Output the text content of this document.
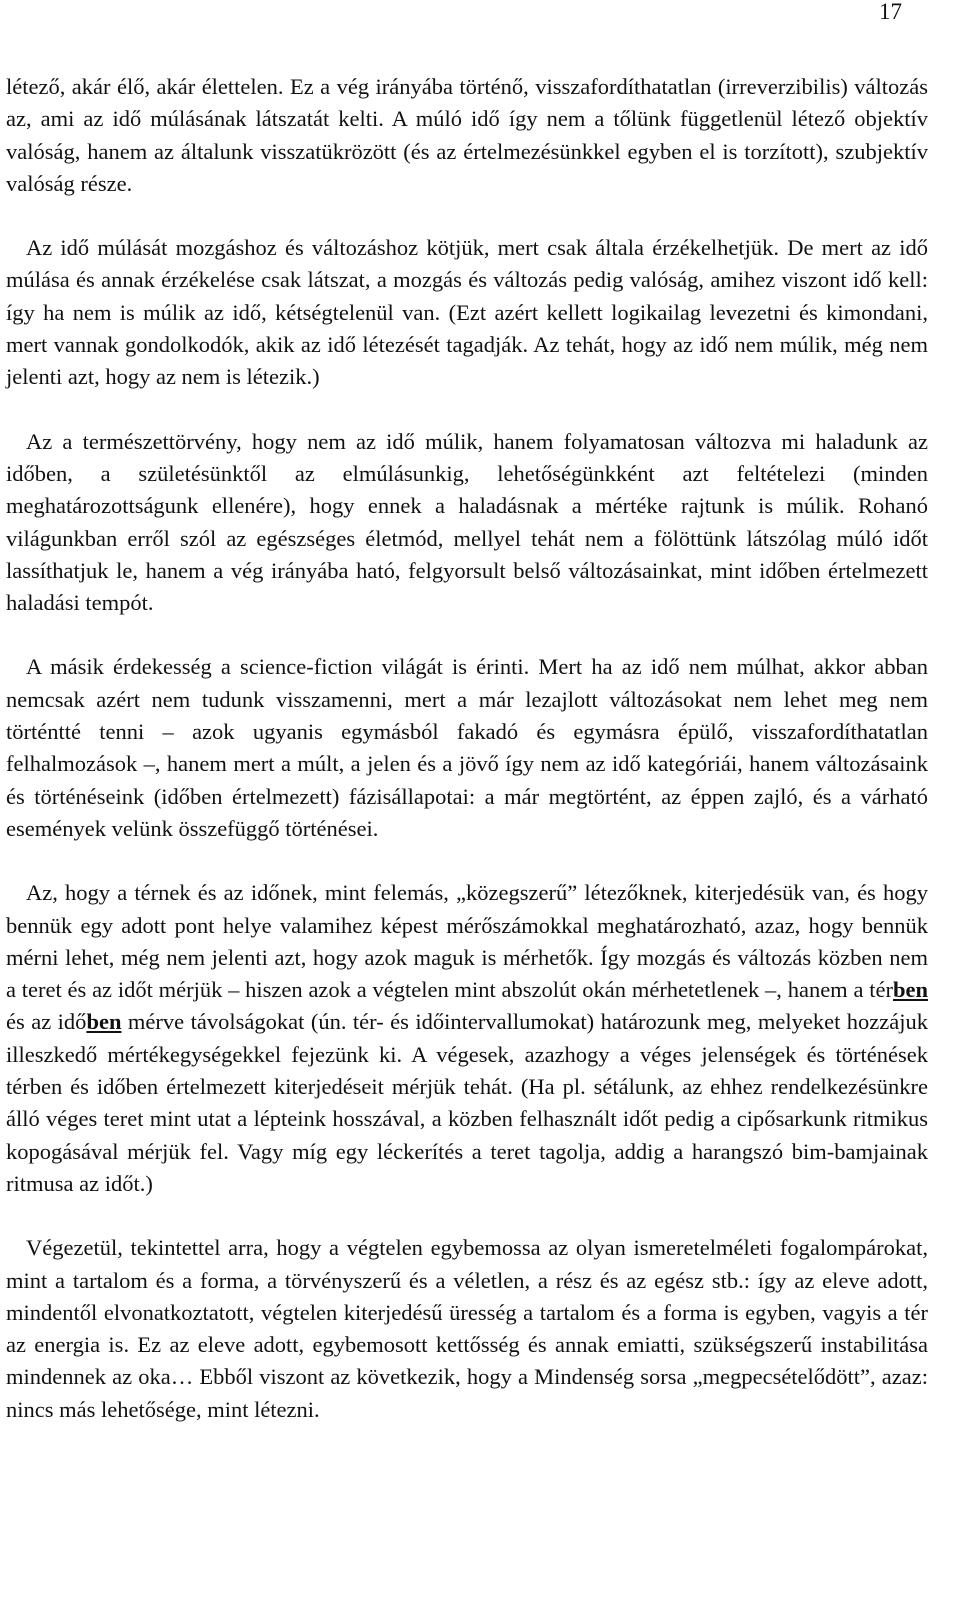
17

létező, akár élő, akár élettelen. Ez a vég irányába történő, visszafordíthatatlan (irreverzibilis) változás az, ami az idő múlásának látszatát kelti. A múló idő így nem a tőlünk függetlenül létező objektív valóság, hanem az általunk visszatükrözött (és az értelmezésünkkel egyben el is torzított), szubjektív valóság része.

Az idő múlását mozgáshoz és változáshoz kötjük, mert csak általa érzékelhetjük. De mert az idő múlása és annak érzékelése csak látszat, a mozgás és változás pedig valóság, amihez viszont idő kell: így ha nem is múlik az idő, kétségtelenül van. (Ezt azért kellett logikailag levezetni és kimondani, mert vannak gondolkodók, akik az idő létezését tagadják. Az tehát, hogy az idő nem múlik, még nem jelenti azt, hogy az nem is létezik.)

Az a természettörvény, hogy nem az idő múlik, hanem folyamatosan változva mi haladunk az időben, a születésünktől az elmúlásunkig, lehetőségünkként azt feltételezi (minden meghatározottságunk ellenére), hogy ennek a haladásnak a mértéke rajtunk is múlik. Rohanó világunkban erről szól az egészséges életmód, mellyel tehát nem a fölöttünk látszólag múló időt lassíthatjuk le, hanem a vég irányába ható, felgyorsult belső változásainkat, mint időben értelmezett haladási tempót.

A másik érdekesség a science-fiction világát is érinti. Mert ha az idő nem múlhat, akkor abban nemcsak azért nem tudunk visszamenni, mert a már lezajlott változásokat nem lehet meg nem történtté tenni – azok ugyanis egymásból fakadó és egymásra épülő, visszafordíthatatlan felhalmozások –, hanem mert a múlt, a jelen és a jövő így nem az idő kategóriái, hanem változásaink és történéseink (időben értelmezett) fázisállapotai: a már megtörtént, az éppen zajló, és a várható események velünk összefüggő történései.

Az, hogy a térnek és az időnek, mint felemás, „közegszerű” létezőknek, kiterjedésük van, és hogy bennük egy adott pont helye valamihez képest mérőszámokkal meghatározható, azaz, hogy bennük mérni lehet, még nem jelenti azt, hogy azok maguk is mérhetők. Így mozgás és változás közben nem a teret és az időt mérjük – hiszen azok a végtelen mint abszolút okán mérhetetlenek –, hanem a térben és az időben mérve távolságokat (ún. tér- és időintervallumokat) határozunk meg, melyeket hozzájuk illeszkedő mértékegységekkel fejezünk ki. A végesek, azazhogy a véges jelenségek és történések térben és időben értelmezett kiterjedéseit mérjük tehát. (Ha pl. sétálunk, az ehhez rendelkezésünkre álló véges teret mint utat a lépteink hosszával, a közben felhasznált időt pedig a cipősarkunk ritmikus kopogásával mérjük fel. Vagy míg egy léckerítés a teret tagolja, addig a harangszó bim-bamjainak ritmusa az időt.)

Végezetül, tekintettel arra, hogy a végtelen egybemossa az olyan ismeretelméleti fogalompárokat, mint a tartalom és a forma, a törvényszerű és a véletlen, a rész és az egész stb.: így az eleve adott, mindentől elvonatkoztatott, végtelen kiterjedésű üresség a tartalom és a forma is egyben, vagyis a tér az energia is. Ez az eleve adott, egybemosott kettősség és annak emiatti, szükségszerű instabilitása mindennek az oka… Ebből viszont az következik, hogy a Mindenség sorsa „megpecsételődött”, azaz: nincs más lehetősége, mint létezni.
